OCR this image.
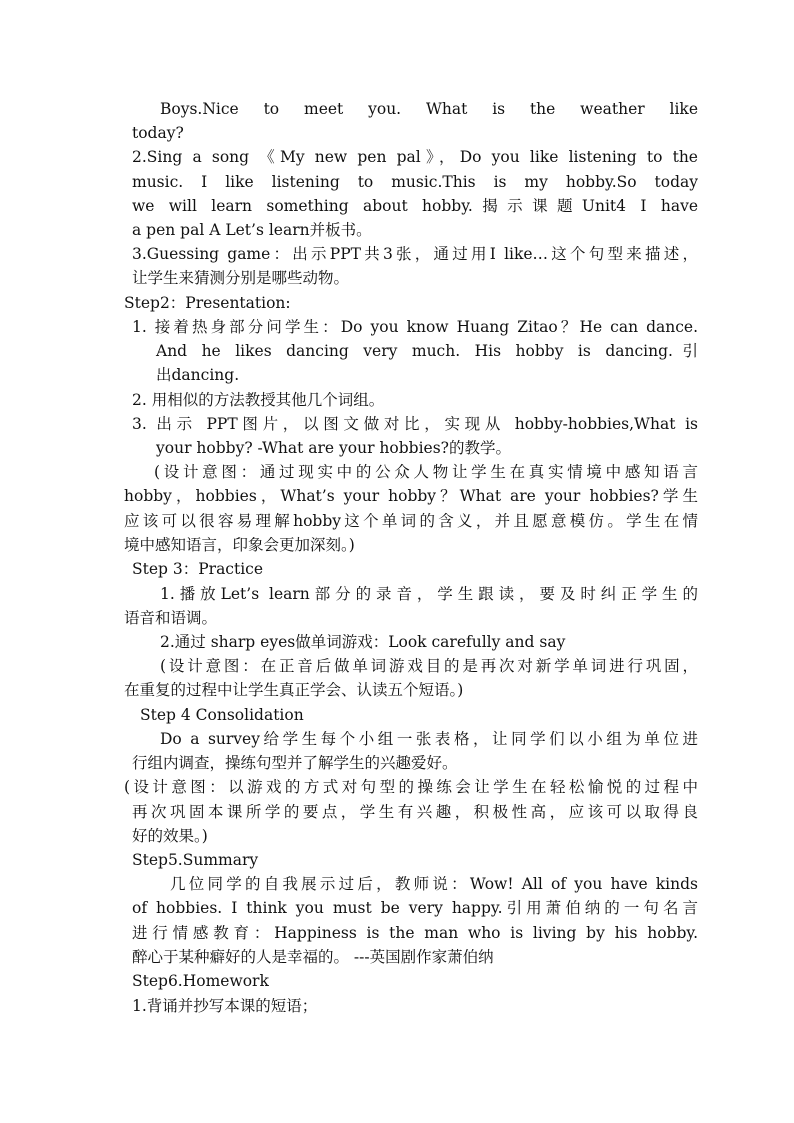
Boys.Nice to meet you. What is the weather like
today?
2.Sing a song 《My new pen pal》，Do you like listening to the
music. I like listening to music.This is my hobby.So today
we will learn something about hobby.揭示课题Unit4 I have
a pen pal A Let’s learn并板书。
3.Guessing game：出示PPT共3张，通过用I like…这个句型来描述，
让学生来猜测分别是哪些动物。
Step2：Presentation:
1. 接着热身部分问学生：Do you know Huang Zitao？He can dance.
And he likes dancing very much. His hobby is dancing.引
出dancing.
2. 用相似的方法教授其他几个词组。
3. 出示 PPT图片，以图文做对比，实现从 hobby-hobbies,What is
your hobby? -What are your hobbies?的教学。
(设计意图：通过现实中的公众人物让学生在真实情境中感知语言
hobby，hobbies，What’s your hobby？What are your hobbies?学生
应该可以很容易理解hobby这个单词的含义，并且愿意模仿。学生在情
境中感知语言，印象会更加深刻。)
Step 3：Practice
1.播放Let’s learn部分的录音，学生跟读，要及时纠正学生的
语音和语调。
2.通过 sharp eyes做单词游戏：Look carefully and say
(设计意图：在正音后做单词游戏目的是再次对新学单词进行巩固，
在重复的过程中让学生真正学会、认读五个短语。)
Step 4 Consolidation
Do a survey给学生每个小组一张表格，让同学们以小组为单位进
行组内调查，操练句型并了解学生的兴趣爱好。
(设计意图：以游戏的方式对句型的操练会让学生在轻松愉悦的过程中
再次巩固本课所学的要点，学生有兴趣，积极性高，应该可以取得良
好的效果。)
Step5.Summary
几位同学的自我展示过后，教师说：Wow! All of you have kinds
of hobbies. I think you must be very happy.引用萧伯纳的一句名言
进行情感教育：Happiness is the man who is living by his hobby.
醉心于某种癖好的人是幸福的。 ---英国剧作家萧伯纳
Step6.Homework
1.背诵并抄写本课的短语；
